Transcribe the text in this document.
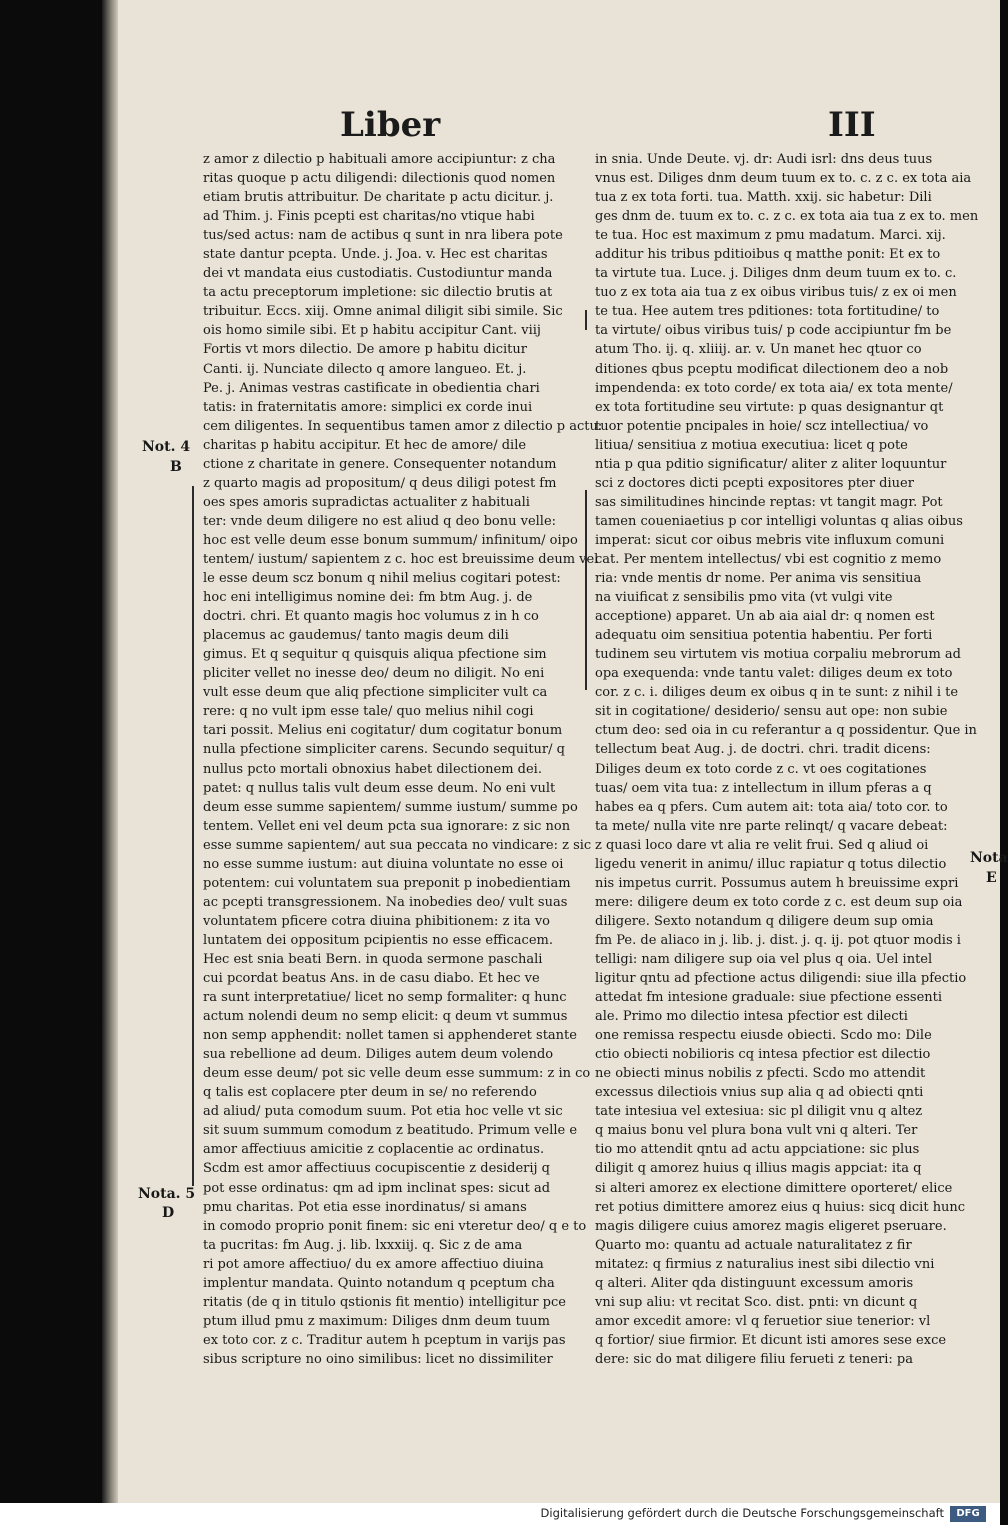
Liber	III
z amor z dilectio p habituali amore accipiuntur: z cha
ritas quoque p actu diligendi: dilectionis quod nomen
etiam brutis attribuitur. De charitate p actu dicitur. j.
ad Thim. j. Finis pcepti est charitas/no vtique habi
tus/sed actus: nam de actibus q sunt in nra libera pote
state dantur pcepta. Unde. j. Joa. v. Hec est charitas
dei vt mandata eius custodiatis. Custodiuntur manda
ta actu preceptorum impletione: sic dilectio brutis at
tribuitur. Eccs. xiij. Omne animal diligit sibi simile. Sic
ois homo simile sibi. Et p habitu accipitur Cant. viij
Fortis vt mors dilectio. De amore p habitu dicitur
Canti. ij. Nunciate dilecto q amore langueo. Et. j.
Pe. j. Animas vestras castificate in obedientia chari
tatis: in fraternitatis amore: simplici ex corde inui
cem diligentes. In sequentibus tamen amor z dilectio p actu:
charitas p habitu accipitur. Et hec de amore/ dile
ctione z charitate in genere. Consequenter notandum
z quarto magis ad propositum/ q deus diligi potest fm
oes spes amoris supradictas actualiter z habituali
ter: vnde deum diligere no est aliud q deo bonu velle:
hoc est velle deum esse bonum summum/ infinitum/ oipo
tentem/ iustum/ sapientem z c. hoc est breuissime deum vel
le esse deum scz bonum q nihil melius cogitari potest:
hoc eni intelligimus nomine dei: fm btm Aug. j. de
doctri. chri. Et quanto magis hoc volumus z in h co
placemus ac gaudemus/ tanto magis deum dili
gimus. Et q sequitur q quisquis aliqua pfectione sim
pliciter vellet no inesse deo/ deum no diligit. No eni
vult esse deum que aliq pfectione simpliciter vult ca
rere: q no vult ipm esse tale/ quo melius nihil cogi
tari possit. Melius eni cogitatur/ dum cogitatur bonum
nulla pfectione simpliciter carens. Secundo sequitur/ q
nullus pcto mortali obnoxius habet dilectionem dei.
patet: q nullus talis vult deum esse deum. No eni vult
deum esse summe sapientem/ summe iustum/ summe po
tentem. Vellet eni vel deum pcta sua ignorare: z sic non
esse summe sapientem/ aut sua peccata no vindicare: z sic
no esse summe iustum: aut diuina voluntate no esse oi
potentem: cui voluntatem sua preponit p inobedientiam
ac pcepti transgressionem. Na inobedies deo/ vult suas
voluntatem pficere cotra diuina phibitionem: z ita vo
luntatem dei oppositum pcipientis no esse efficacem.
Hec est snia beati Bern. in quoda sermone paschali
cui pcordat beatus Ans. in de casu diabo. Et hec ve
ra sunt interpretatiue/ licet no semp formaliter: q hunc
actum nolendi deum no semp elicit: q deum vt summus
non semp apphendit: nollet tamen si apphenderet stante
sua rebellione ad deum. Diliges autem deum volendo
deum esse deum/ pot sic velle deum esse summum: z in co
q talis est coplacere pter deum in se/ no referendo
ad aliud/ puta comodum suum. Pot etia hoc velle vt sic
sit suum summum comodum z beatitudo. Primum velle e
amor affectiuus amicitie z coplacentie ac ordinatus.
Scdm est amor affectiuus cocupiscentie z desiderij q
pot esse ordinatus: qm ad ipm inclinat spes: sicut ad
pmu charitas. Pot etia esse inordinatus/ si amans
in comodo proprio ponit finem: sic eni vteretur deo/ q e to
ta pucritas: fm Aug. j. lib. lxxxiij. q. Sic z de ama
ri pot amore affectiuo/ du ex amore affectiuo diuina
implentur mandata. Quinto notandum q pceptum cha
ritatis (de q in titulo qstionis fit mentio) intelligitur pce
ptum illud pmu z maximum: Diliges dnm deum tuum
ex toto cor. z c. Traditur autem h pceptum in varijs pas
sibus scripture no oino similibus: licet no dissimiliter
in snia. Unde Deute. vj. dr: Audi isrl: dns deus tuus
vnus est. Diliges dnm deum tuum ex to. c. z c. ex tota aia
tua z ex tota forti. tua. Matth. xxij. sic habetur: Dili
ges dnm de. tuum ex to. c. z c. ex tota aia tua z ex to. men
te tua. Hoc est maximum z pmu madatum. Marci. xij.
additur his tribus pditioibus q matthe ponit: Et ex to
ta virtute tua. Luce. j. Diliges dnm deum tuum ex to. c.
tuo z ex tota aia tua z ex oibus viribus tuis/ z ex oi men
te tua. Hee autem tres pditiones: tota fortitudine/ to
ta virtute/ oibus viribus tuis/ p code accipiuntur fm be
atum Tho. ij. q. xliiij. ar. v. Un manet hec qtuor co
ditiones qbus pceptu modificat dilectionem deo a nob
impendenda: ex toto corde/ ex tota aia/ ex tota mente/
ex tota fortitudine seu virtute: p quas designantur qt
tuor potentie pncipales in hoie/ scz intellectiua/ vo
litiua/ sensitiua z motiua executiua: licet q pote
ntia p qua pditio significatur/ aliter z aliter loquuntur
sci z doctores dicti pcepti expositores pter diuer
sas similitudines hincinde reptas: vt tangit magr. Pot
tamen coueniaetius p cor intelligi voluntas q alias oibus
imperat: sicut cor oibus mebris vite influxum comuni
cat. Per mentem intellectus/ vbi est cognitio z memo
ria: vnde mentis dr nome. Per anima vis sensitiua
na viuificat z sensibilis pmo vita (vt vulgi vite
acceptione) apparet. Un ab aia aial dr: q nomen est
adequatu oim sensitiua potentia habentiu. Per forti
tudinem seu virtutem vis motiua corpaliu mebrorum ad
opa exequenda: vnde tantu valet: diliges deum ex toto
cor. z c. i. diliges deum ex oibus q in te sunt: z nihil i te
sit in cogitatione/ desiderio/ sensu aut ope: non subie
ctum deo: sed oia in cu referantur a q possidentur. Que in
tellectum beat Aug. j. de doctri. chri. tradit dicens:
Diliges deum ex toto corde z c. vt oes cogitationes
tuas/ oem vita tua: z intellectum in illum pferas a q
habes ea q pfers. Cum autem ait: tota aia/ toto cor. to
ta mete/ nulla vite nre parte relinqt/ q vacare debeat:
z quasi loco dare vt alia re velit frui. Sed q aliud oi
ligedu venerit in animu/ illuc rapiatur q totus dilectio
nis impetus currit. Possumus autem h breuissime expri
mere: diligere deum ex toto corde z c. est deum sup oia
diligere. Sexto notandum q diligere deum sup omia
fm Pe. de aliaco in j. lib. j. dist. j. q. ij. pot qtuor modis i
telligi: nam diligere sup oia vel plus q oia. Uel intel
ligitur qntu ad pfectione actus diligendi: siue illa pfectio
attedat fm intesione graduale: siue pfectione essenti
ale. Primo mo dilectio intesa pfectior est dilecti
one remissa respectu eiusde obiecti. Scdo mo: Dile
ctio obiecti nobilioris cq intesa pfectior est dilectio
ne obiecti minus nobilis z pfecti. Scdo mo attendit
excessus dilectiois vnius sup alia q ad obiecti qnti
tate intesiua vel extesiua: sic pl diligit vnu q altez
q maius bonu vel plura bona vult vni q alteri. Ter
tio mo attendit qntu ad actu appciatione: sic plus
diligit q amorez huius q illius magis appciat: ita q
si alteri amorez ex electione dimittere oporteret/ elice
ret potius dimittere amorez eius q huius: sicq dicit hunc
magis diligere cuius amorez magis eligeret pseruare.
Quarto mo: quantu ad actuale naturalitatez z fir
mitatez: q firmius z naturalius inest sibi dilectio vni
q alteri. Aliter qda distinguunt excessum amoris
vni sup aliu: vt recitat Sco. dist. pnti: vn dicunt q
amor excedit amore: vl q feruetior siue tenerior: vl
q fortior/ siue firmior. Et dicunt isti amores sese exce
dere: sic do mat diligere filiu ferueti z teneri: pa
Not. 4
B
Nota. 5
D
Nota
E
Digitalisierung gefördert durch die Deutsche Forschungsgemeinschaft	DFG
